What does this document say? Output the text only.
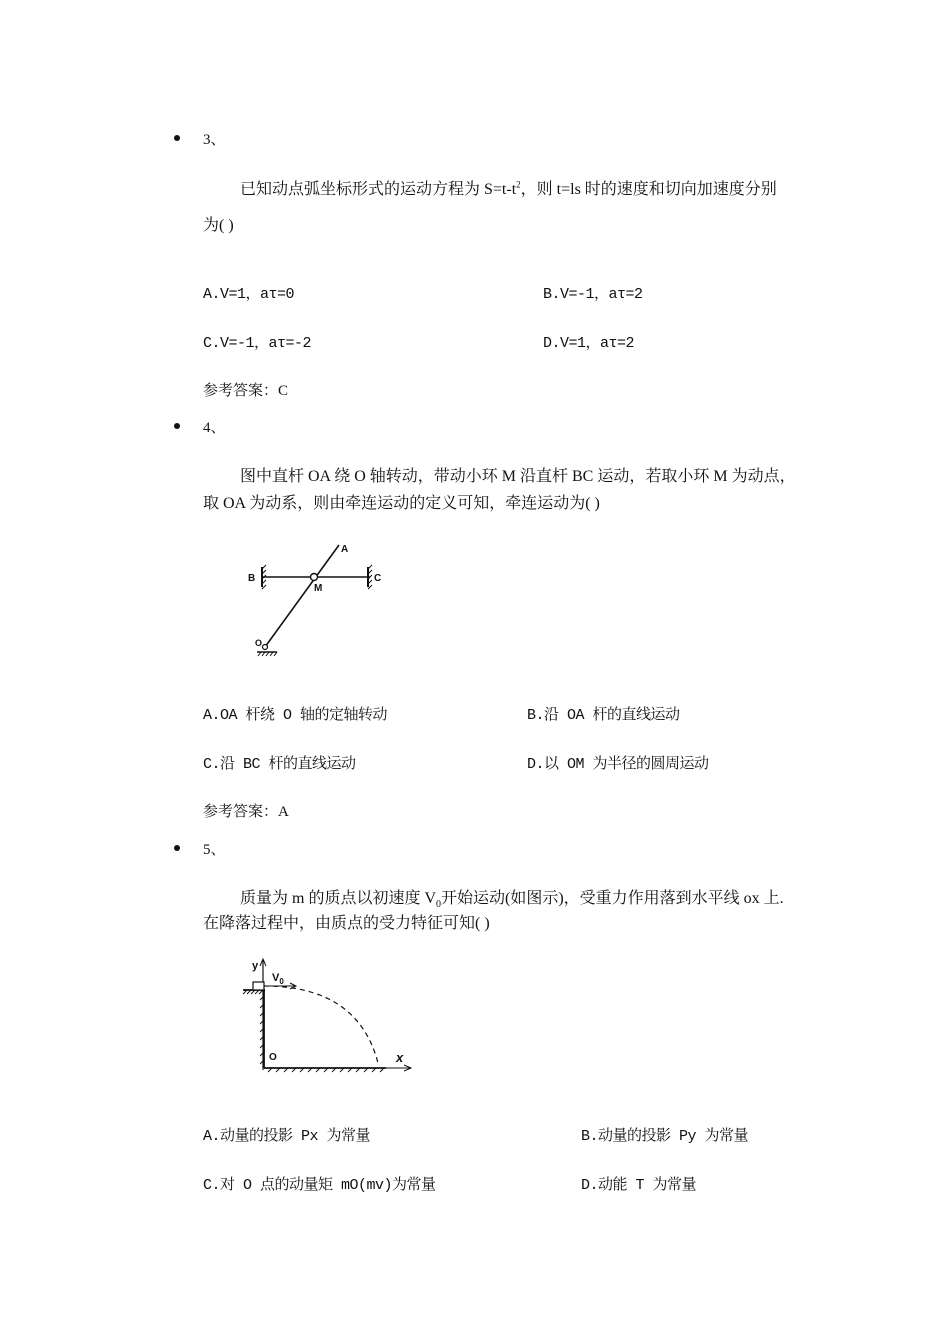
3、
已知动点弧坐标形式的运动方程为 $S=t-t^2$，则 t=ls 时的速度和切向加速度分别
为( )
A.V=1，aτ=0	B.V=-1，aτ=2
C.V=-1，aτ=-2	D.V=1，aτ=2
参考答案：C
4、
图中直杆 OA 绕 O 轴转动，带动小环 M 沿直杆 BC 运动，若取小环 M 为动点，
取 OA 为动系，则由牵连运动的定义可知，牵连运动为( )
A
B	C
M
O
A.OA 杆绕 O 轴的定轴转动	B.沿 OA 杆的直线运动
C.沿 BC 杆的直线运动	D.以 OM 为半径的圆周运动
参考答案：A
5、
质量为 m 的质点以初速度 $V_0$开始运动(如图示)，受重力作用落到水平线 ox 上.
在降落过程中，由质点的受力特征可知( )
y
$V_0$
O	x
A.动量的投影 Px 为常量	B.动量的投影 Py 为常量
C.对 O 点的动量矩 mO(mv)为常量	D.动能 T 为常量
